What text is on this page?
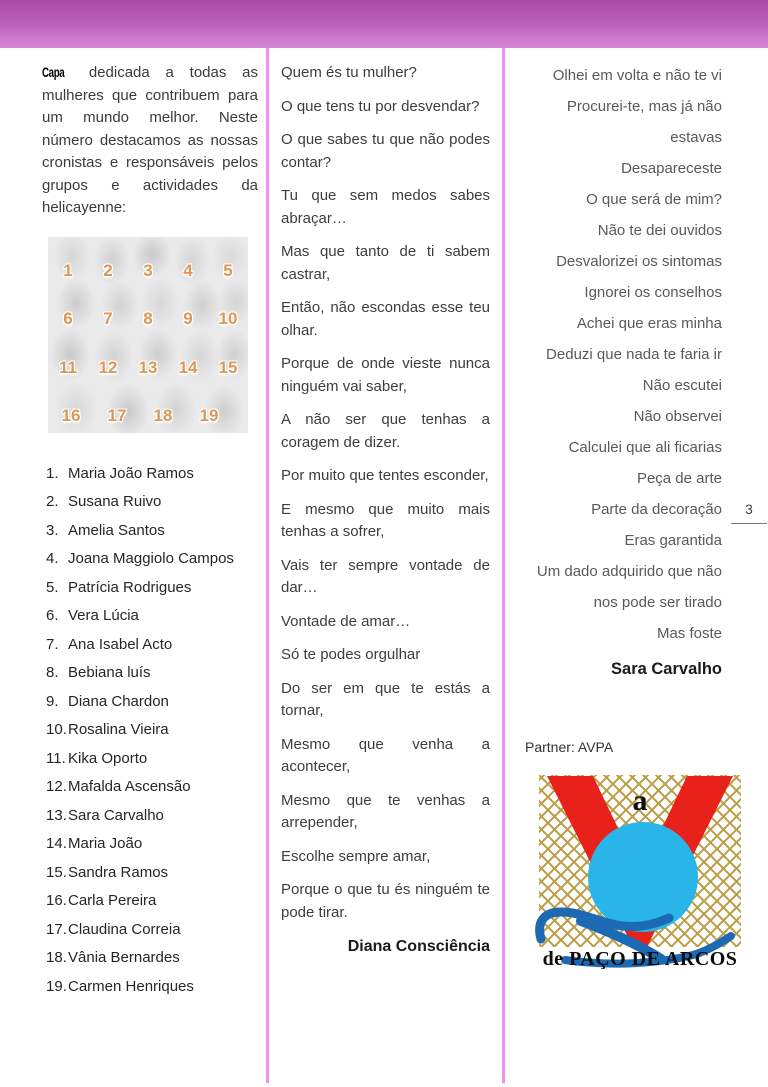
Capa dedicada a todas as mulheres que contribuem para um mundo melhor. Neste número destacamos as nossas cronistas e responsáveis pelos grupos e actividades da helicayenne:

1	2	3	4	5
6	7	8	9	10
11	12	13	14	15
16	17	18	19
Maria João Ramos
Susana Ruivo
Amelia Santos
Joana Maggiolo Campos
Patrícia Rodrigues
Vera Lúcia
Ana Isabel Acto
Bebiana luís
Diana Chardon
Rosalina Vieira
Kika Oporto
Mafalda Ascensão
Sara Carvalho
Maria João
Sandra Ramos
Carla Pereira
Claudina Correia
Vânia Bernardes
Carmen Henriques

Quem és tu mulher?

O que tens tu por desvendar?

O que sabes tu que não podes contar?

Tu que sem medos sabes abraçar…

Mas que tanto de ti sabem castrar,

Então, não escondas esse teu olhar.

Porque de onde vieste nunca ninguém vai saber,

A não ser que tenhas a coragem de dizer.

Por muito que tentes esconder,

E mesmo que muito mais tenhas a sofrer,

Vais ter sempre vontade de dar…

Vontade de amar…

Só te podes orgulhar

Do ser em que te estás a tornar,

Mesmo que venha a acontecer,

Mesmo que te venhas a arrepender,

Escolhe sempre amar,

Porque o que tu és ninguém te pode tirar.

Diana Consciência

Olhei em volta e não te vi
Procurei-te, mas já não
estavas
Desapareceste
O que será de mim?
Não te dei ouvidos
Desvalorizei os sintomas
Ignorei os conselhos
Achei que eras minha
Deduzi que nada te faria ir
Não escutei
Não observei
Calculei que ali ficarias
Peça de arte
Parte da decoração
Eras garantida
Um dado adquirido que não
nos pode ser tirado
Mas foste

Sara Carvalho

Partner: AVPA

a
de PAÇO DE ARCOS
3
